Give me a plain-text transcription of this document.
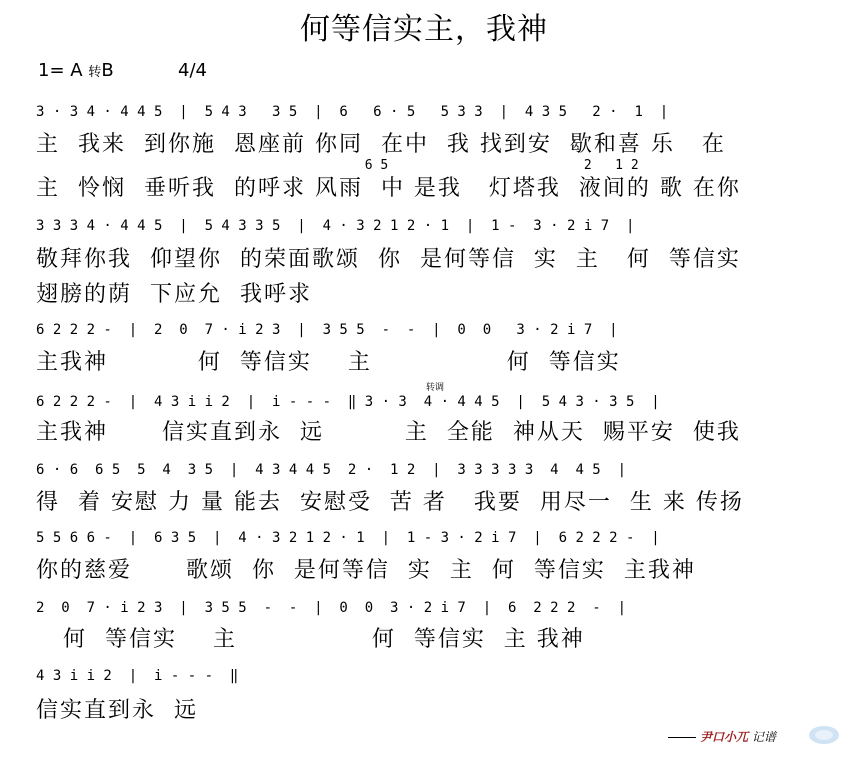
何等信实主，我神
1= A 转B	4/4
3 · 3 4 · 4 4 5  |  5 4 3   3 5  |  6   6 · 5   5 3 3  |  4 3 5   2 ·  1  |
主  我来  到你施  恩座前 你同  在中  我 找到安  歇和喜 乐   在
6 5                         2   1 2
主  怜悯  垂听我  的呼求 风雨  中 是我   灯塔我  液间的 歌 在你
3 3 3 4 · 4 4 5  |  5 4 3 3 5  |  4 · 3 2 1 2 · 1  |  1 -  3 · 2 i 7  |
敬拜你我  仰望你  的荣面歌颂  你  是何等信  实  主   何  等信实
翅膀的荫  下应允  我呼求
6 2 2 2 -  |  2  0  7 · i 2 3  |  3 5 5  -  -  |  0  0   3 · 2 i 7  |
主我神          何  等信实    主               何  等信实
转调
6 2 2 2 -  |  4 3 i i 2  |  i - - -  ‖ 3 · 3  4 · 4 4 5  |  5 4 3 · 3 5  |
主我神      信实直到永  远         主  全能  神从天  赐平安  使我
6 · 6  6 5  5  4  3 5  |  4 3 4 4 5  2 ·  1 2  |  3 3 3 3 3  4  4 5  |
得  着 安慰 力 量 能去  安慰受  苦 者   我要  用尽一  生 来 传扬
5 5 6 6 -  |  6 3 5  |  4 · 3 2 1 2 · 1  |  1 - 3 · 2 i 7  |  6 2 2 2 -  |
你的慈爱      歌颂  你  是何等信  实  主  何  等信实  主我神
2  0  7 · i 2 3  |  3 5 5  -  -  |  0  0  3 · 2 i 7  |  6  2 2 2  -  |
何  等信实    主               何  等信实  主 我神
4 3 i i 2  |  i - - -  ‖
信实直到永  远
尹口小兀 记谱
